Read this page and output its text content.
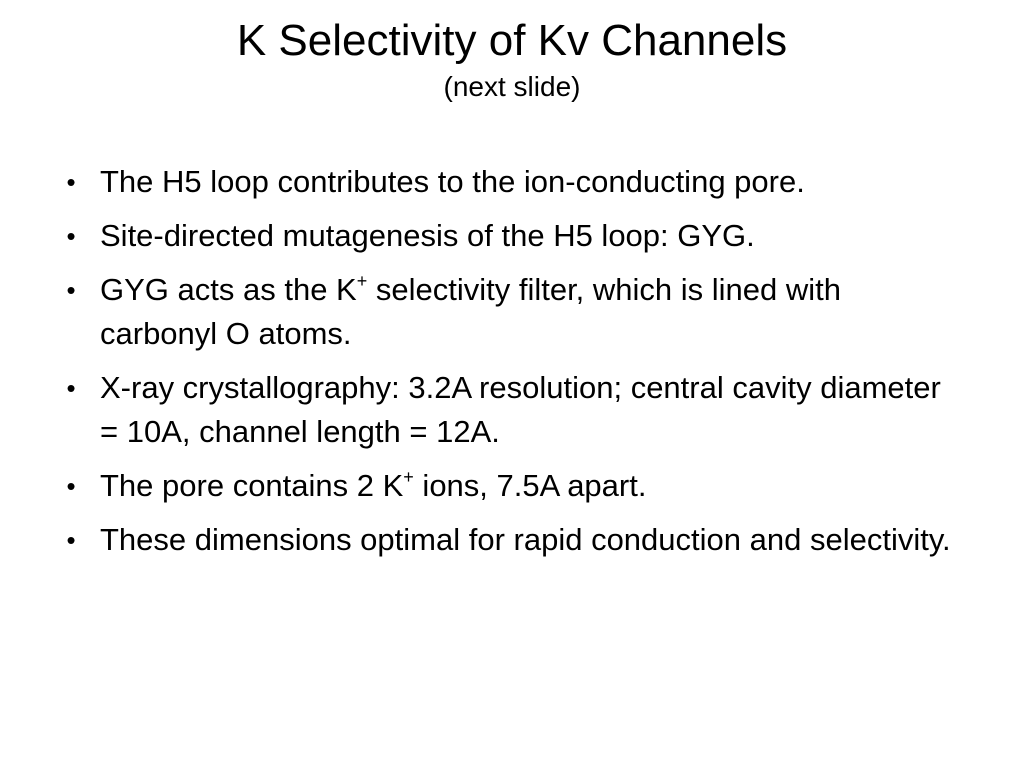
K Selectivity of Kv Channels
(next slide)
• The H5 loop contributes to the ion-conducting pore.
• Site-directed mutagenesis of the H5 loop: GYG.
• GYG acts as the K+ selectivity filter, which is lined with carbonyl O atoms.
• X-ray crystallography: 3.2A resolution; central cavity diameter = 10A, channel length = 12A.
• The pore contains 2 K+ ions, 7.5A apart.
• These dimensions optimal for rapid conduction and selectivity.
